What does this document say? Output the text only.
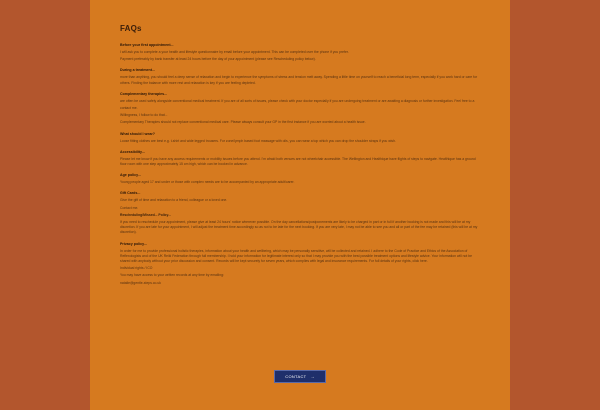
FAQs
Before your first appointment...
I will ask you to complete a your health and lifestyle questionnaire by email before your appointment. This can be completed over the phone if you prefer.
Payment preferably by bank transfer at least 24 hours before the day of your appointment (please see Rescheduling policy below).
During a treatment...
more than anything, you should feel a deep sense of relaxation and begin to experience the symptoms of stress and tension melt away. Spending a little time on yourself to reach a beneficial long term, especially if you work hard or care for others. Finding the balance with more rest and relaxation is key if you are feeling depleted.
Complementary therapies...
are often be used safely alongside conventional medical treatment. If you are of all sorts of issues, please check with your doctor especially if you are undergoing treatment or are awaiting a diagnosis or further investigation. Feel free to a
contact me.
Willingness, I follow to do that...
Complementary Therapies should not replace conventional medical care. Please always consult your GP in the first instance if you are worried about a health issue.
What should I wear?
Loose fitting clothes are best e.g. t-shirt and wide legged trousers. For zone/lymph based foot massage with oils, you can wear a top which you can drop the shoulder straps if you wish.
Accessibility...
Please let me know if you have any access requirements or mobility issues before you attend. I'm afraid both venues are not wheelchair accessible. The Wellington and Healthique have flights of steps to navigate. Healthique has a ground floor room with one step approximately 15 cm high, which can be booked in advance.
Age policy...
Young people aged 17 and under or those with complex needs are to be accompanied by an appropriate adult/carer.
Gift Cards...
Give the gift of time and relaxation to a friend, colleague or a loved one.
Contact me.
Rescheduling/Missed... Policy...
If you need to reschedule your appointment, please give at least 24 hours' notice wherever possible. On the day cancellations/postponements are likely to be charged in part or in full if another booking is not made and this will be at my discretion. If you are late for your appointment, I will adjust the treatment time accordingly so as not to be late for the next booking. If you are very late, I may not be able to see you and all or part of the fee may be retained (this will be at my discretion).
Privacy policy...
In order for me to provide professional holistic therapies, information about your health and wellbeing, which may be personally sensitive, will be collected and retained. I adhere to the Code of Practice and Ethics of the Association of Reflexologists and of the UK Reiki Federation through full membership. I hold your information for legitimate interest only so that I may provide you with the best possible treatment options and lifestyle advice. Your information will not be shared with anybody without your prior discussion and consent. Records will be kept securely for seven years, which complies with legal and insurance requirements. For full details of your rights, click here.
Individual rights / ICO
You may have access to your written records at any time by emailing:
natalie@gentle-steps.co.uk
CONTACT →
